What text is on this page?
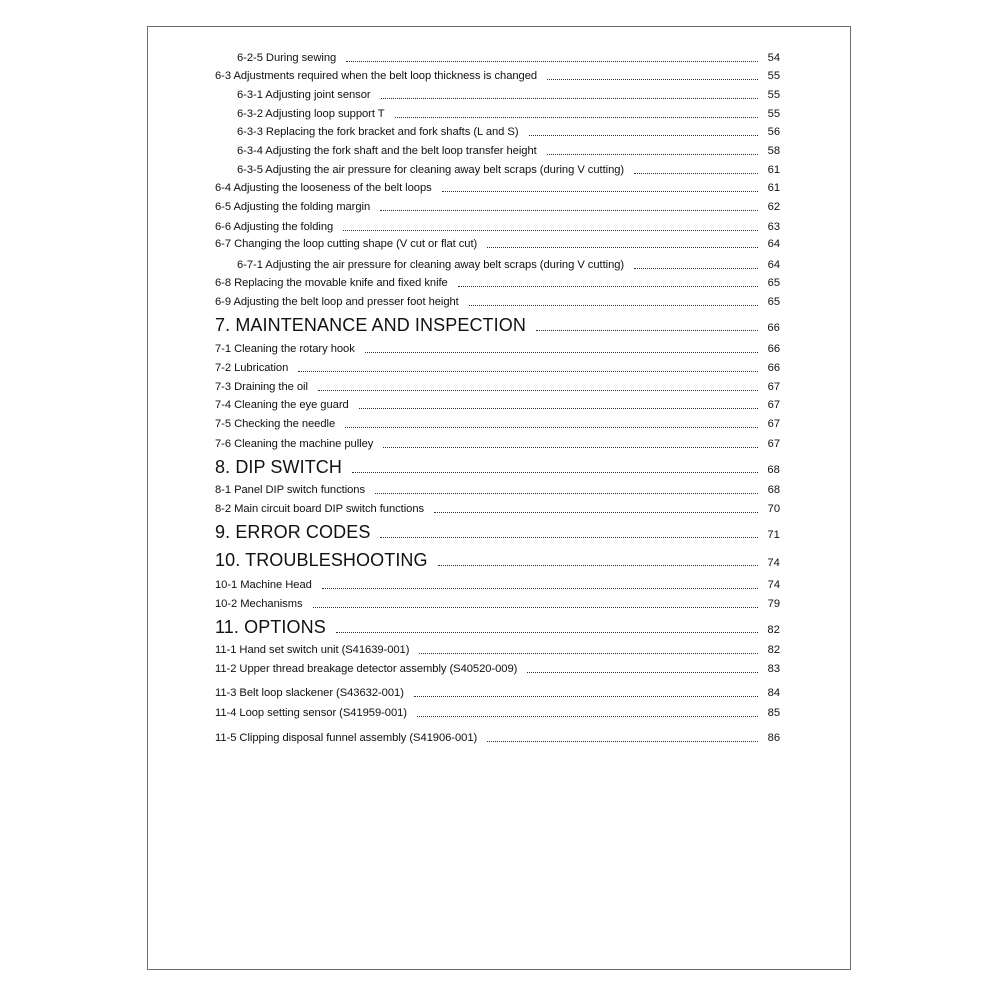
6-2-5 During sewing	54
6-3 Adjustments required when the belt loop thickness is changed	55
6-3-1 Adjusting joint sensor	55
6-3-2 Adjusting loop support T	55
6-3-3 Replacing the fork bracket and fork shafts (L and S)	56
6-3-4 Adjusting the fork shaft and the belt loop transfer height	58
6-3-5 Adjusting the air pressure for cleaning away belt scraps (during V cutting)	61
6-4 Adjusting the looseness of the belt loops	61
6-5 Adjusting the folding margin	62
6-6 Adjusting the folding	63
6-7 Changing the loop cutting shape (V cut or flat cut)	64
6-7-1 Adjusting the air pressure for cleaning away belt scraps (during V cutting)	64
6-8 Replacing the movable knife and fixed knife	65
6-9 Adjusting the belt loop and presser foot height	65
7. MAINTENANCE AND INSPECTION	66
7-1 Cleaning the rotary hook	66
7-2 Lubrication	66
7-3 Draining the oil	67
7-4 Cleaning the eye guard	67
7-5 Checking the needle	67
7-6 Cleaning the machine pulley	67
8. DIP SWITCH	68
8-1 Panel DIP switch functions	68
8-2 Main circuit board DIP switch functions	70
9. ERROR CODES	71
10. TROUBLESHOOTING	74
10-1 Machine Head	74
10-2 Mechanisms	79
11. OPTIONS	82
11-1 Hand set switch unit (S41639-001)	82
11-2 Upper thread breakage detector assembly (S40520-009)	83
11-3 Belt loop slackener (S43632-001)	84
11-4 Loop setting sensor (S41959-001)	85
11-5 Clipping disposal funnel assembly (S41906-001)	86
